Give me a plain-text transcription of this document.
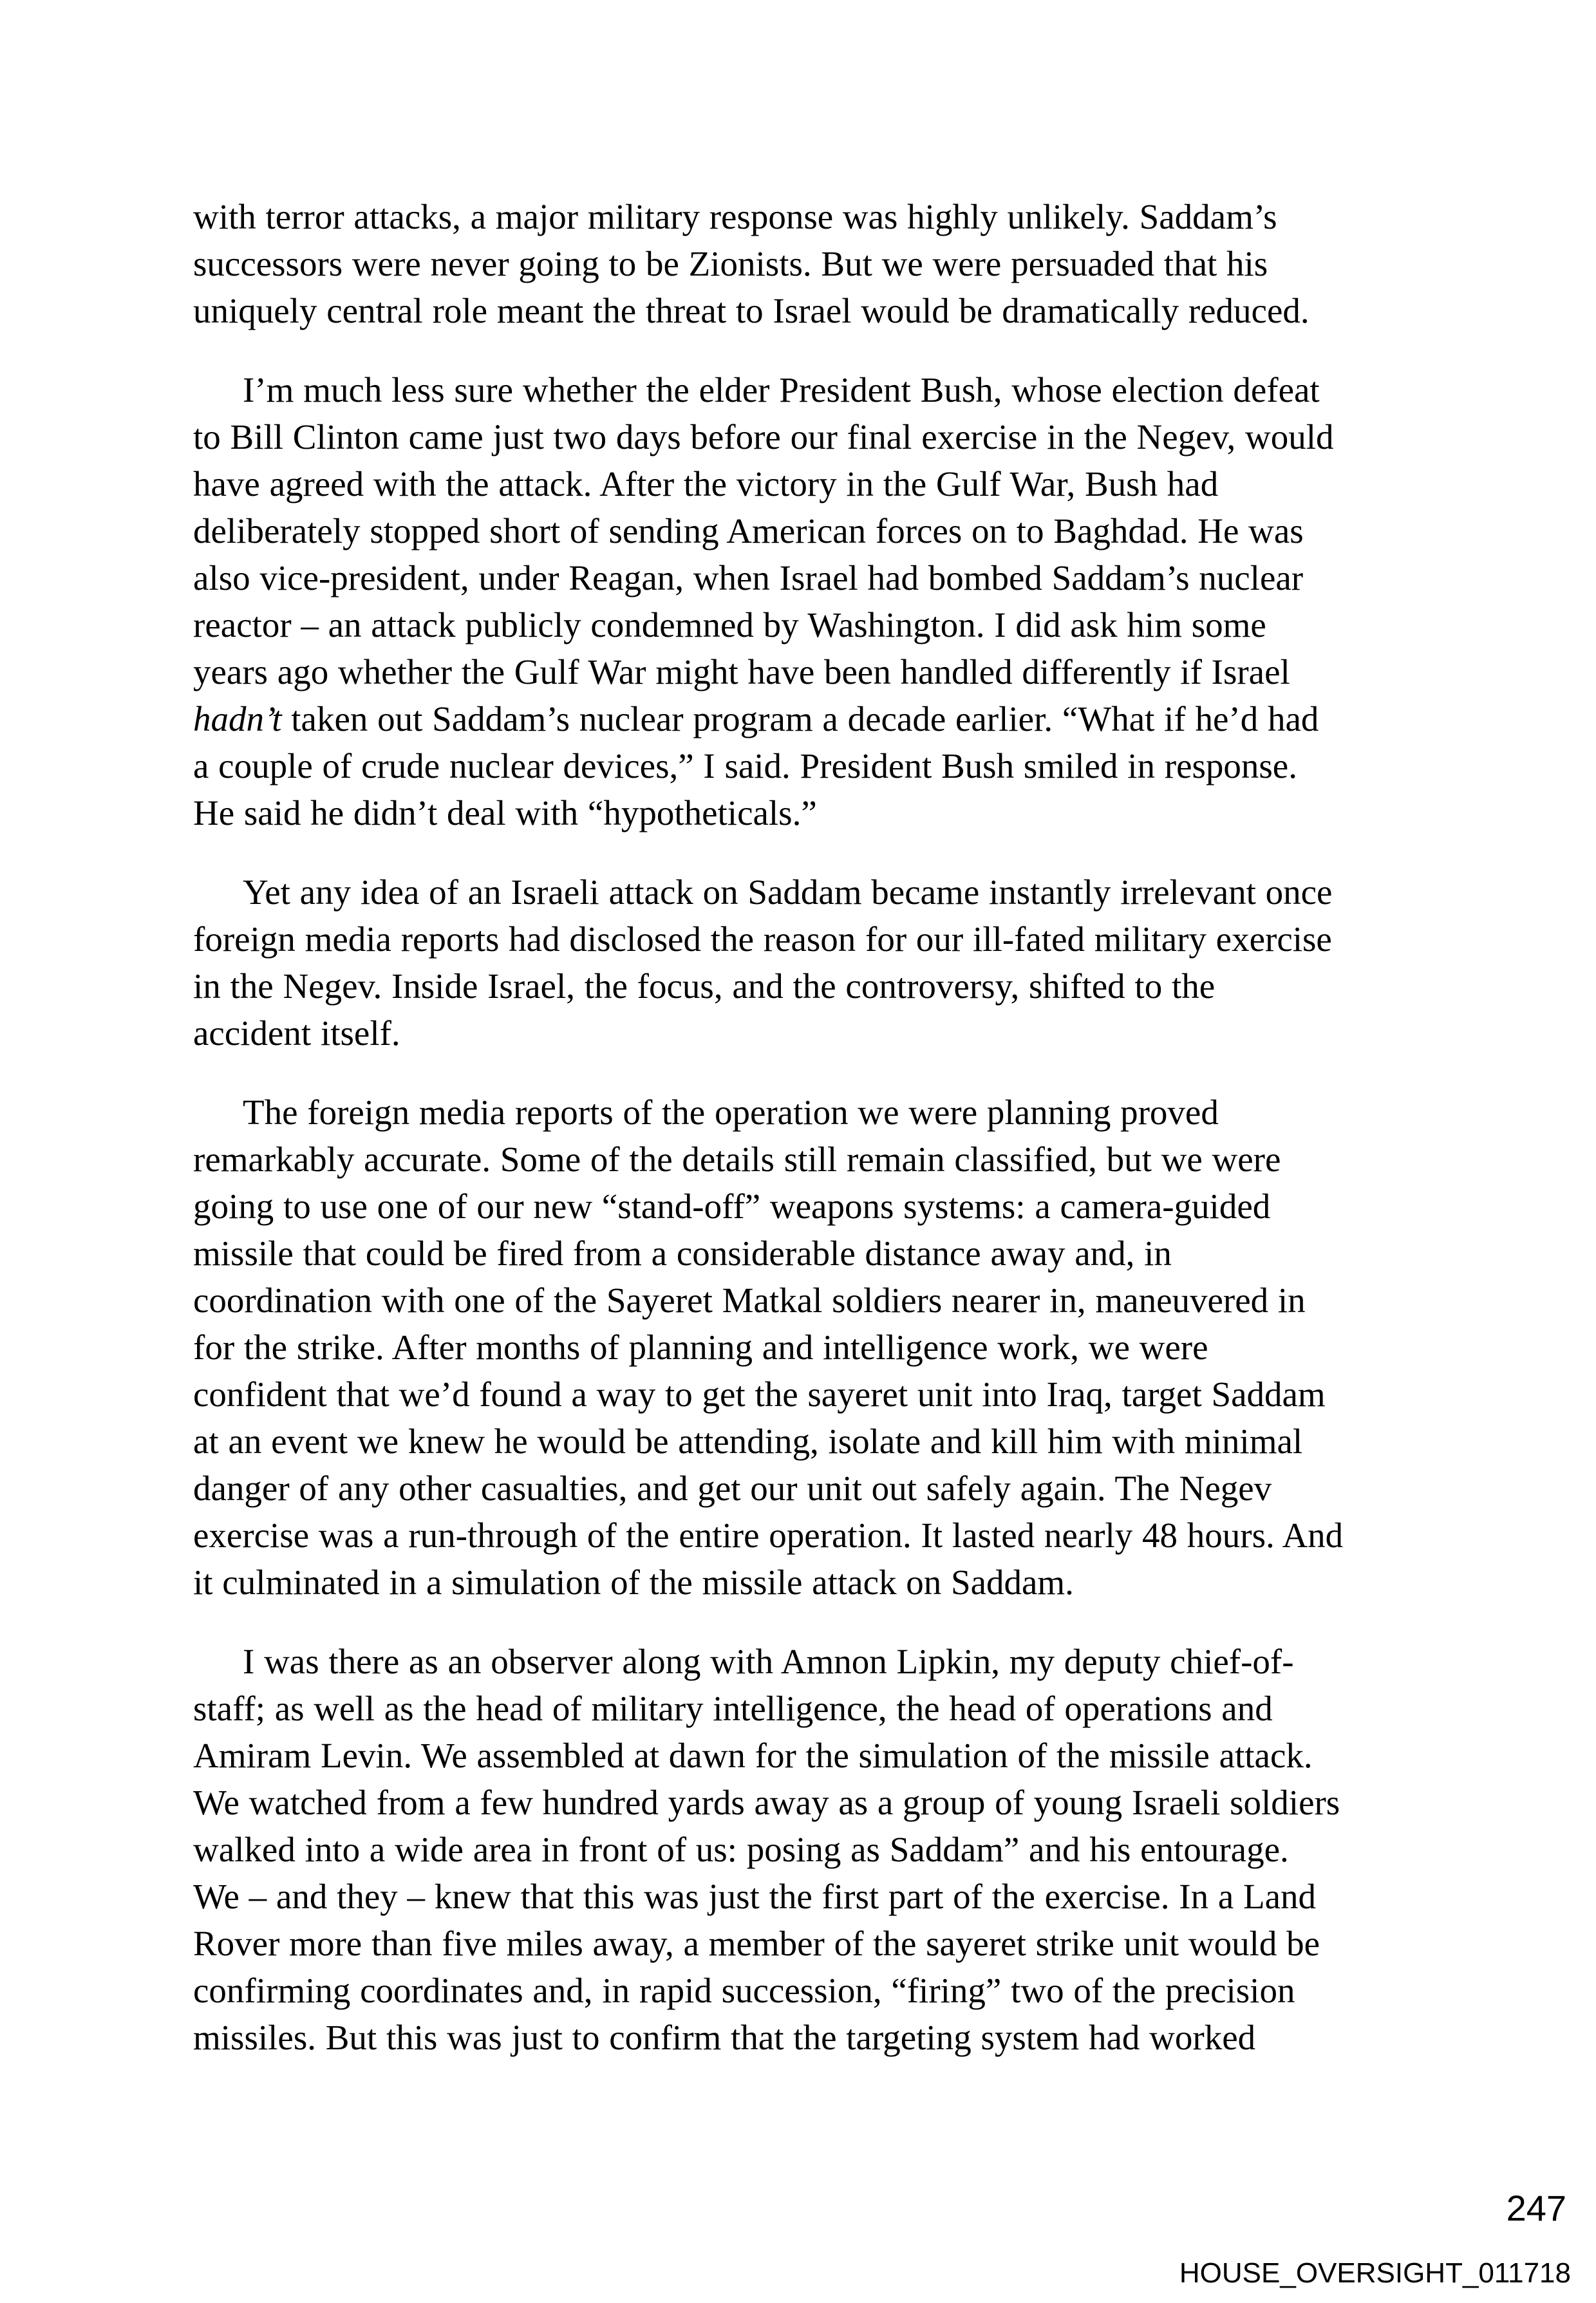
with terror attacks, a major military response was highly unlikely. Saddam’s
successors were never going to be Zionists. But we were persuaded that his
uniquely central role meant the threat to Israel would be dramatically reduced.
I’m much less sure whether the elder President Bush, whose election defeat
to Bill Clinton came just two days before our final exercise in the Negev, would
have agreed with the attack. After the victory in the Gulf War, Bush had
deliberately stopped short of sending American forces on to Baghdad. He was
also vice-president, under Reagan, when Israel had bombed Saddam’s nuclear
reactor – an attack publicly condemned by Washington. I did ask him some
years ago whether the Gulf War might have been handled differently if Israel
hadn’t taken out Saddam’s nuclear program a decade earlier. “What if he’d had
a couple of crude nuclear devices,” I said. President Bush smiled in response.
He said he didn’t deal with “hypotheticals.”
Yet any idea of an Israeli attack on Saddam became instantly irrelevant once
foreign media reports had disclosed the reason for our ill-fated military exercise
in the Negev. Inside Israel, the focus, and the controversy, shifted to the
accident itself.
The foreign media reports of the operation we were planning proved
remarkably accurate. Some of the details still remain classified, but we were
going to use one of our new “stand-off” weapons systems: a camera-guided
missile that could be fired from a considerable distance away and, in
coordination with one of the Sayeret Matkal soldiers nearer in, maneuvered in
for the strike. After months of planning and intelligence work, we were
confident that we’d found a way to get the sayeret unit into Iraq, target Saddam
at an event we knew he would be attending, isolate and kill him with minimal
danger of any other casualties, and get our unit out safely again. The Negev
exercise was a run-through of the entire operation. It lasted nearly 48 hours. And
it culminated in a simulation of the missile attack on Saddam.
I was there as an observer along with Amnon Lipkin, my deputy chief-of-
staff; as well as the head of military intelligence, the head of operations and
Amiram Levin. We assembled at dawn for the simulation of the missile attack.
We watched from a few hundred yards away as a group of young Israeli soldiers
walked into a wide area in front of us: posing as Saddam” and his entourage.
We – and they – knew that this was just the first part of the exercise. In a Land
Rover more than five miles away, a member of the sayeret strike unit would be
confirming coordinates and, in rapid succession, “firing” two of the precision
missiles. But this was just to confirm that the targeting system had worked
247
HOUSE_OVERSIGHT_011718
